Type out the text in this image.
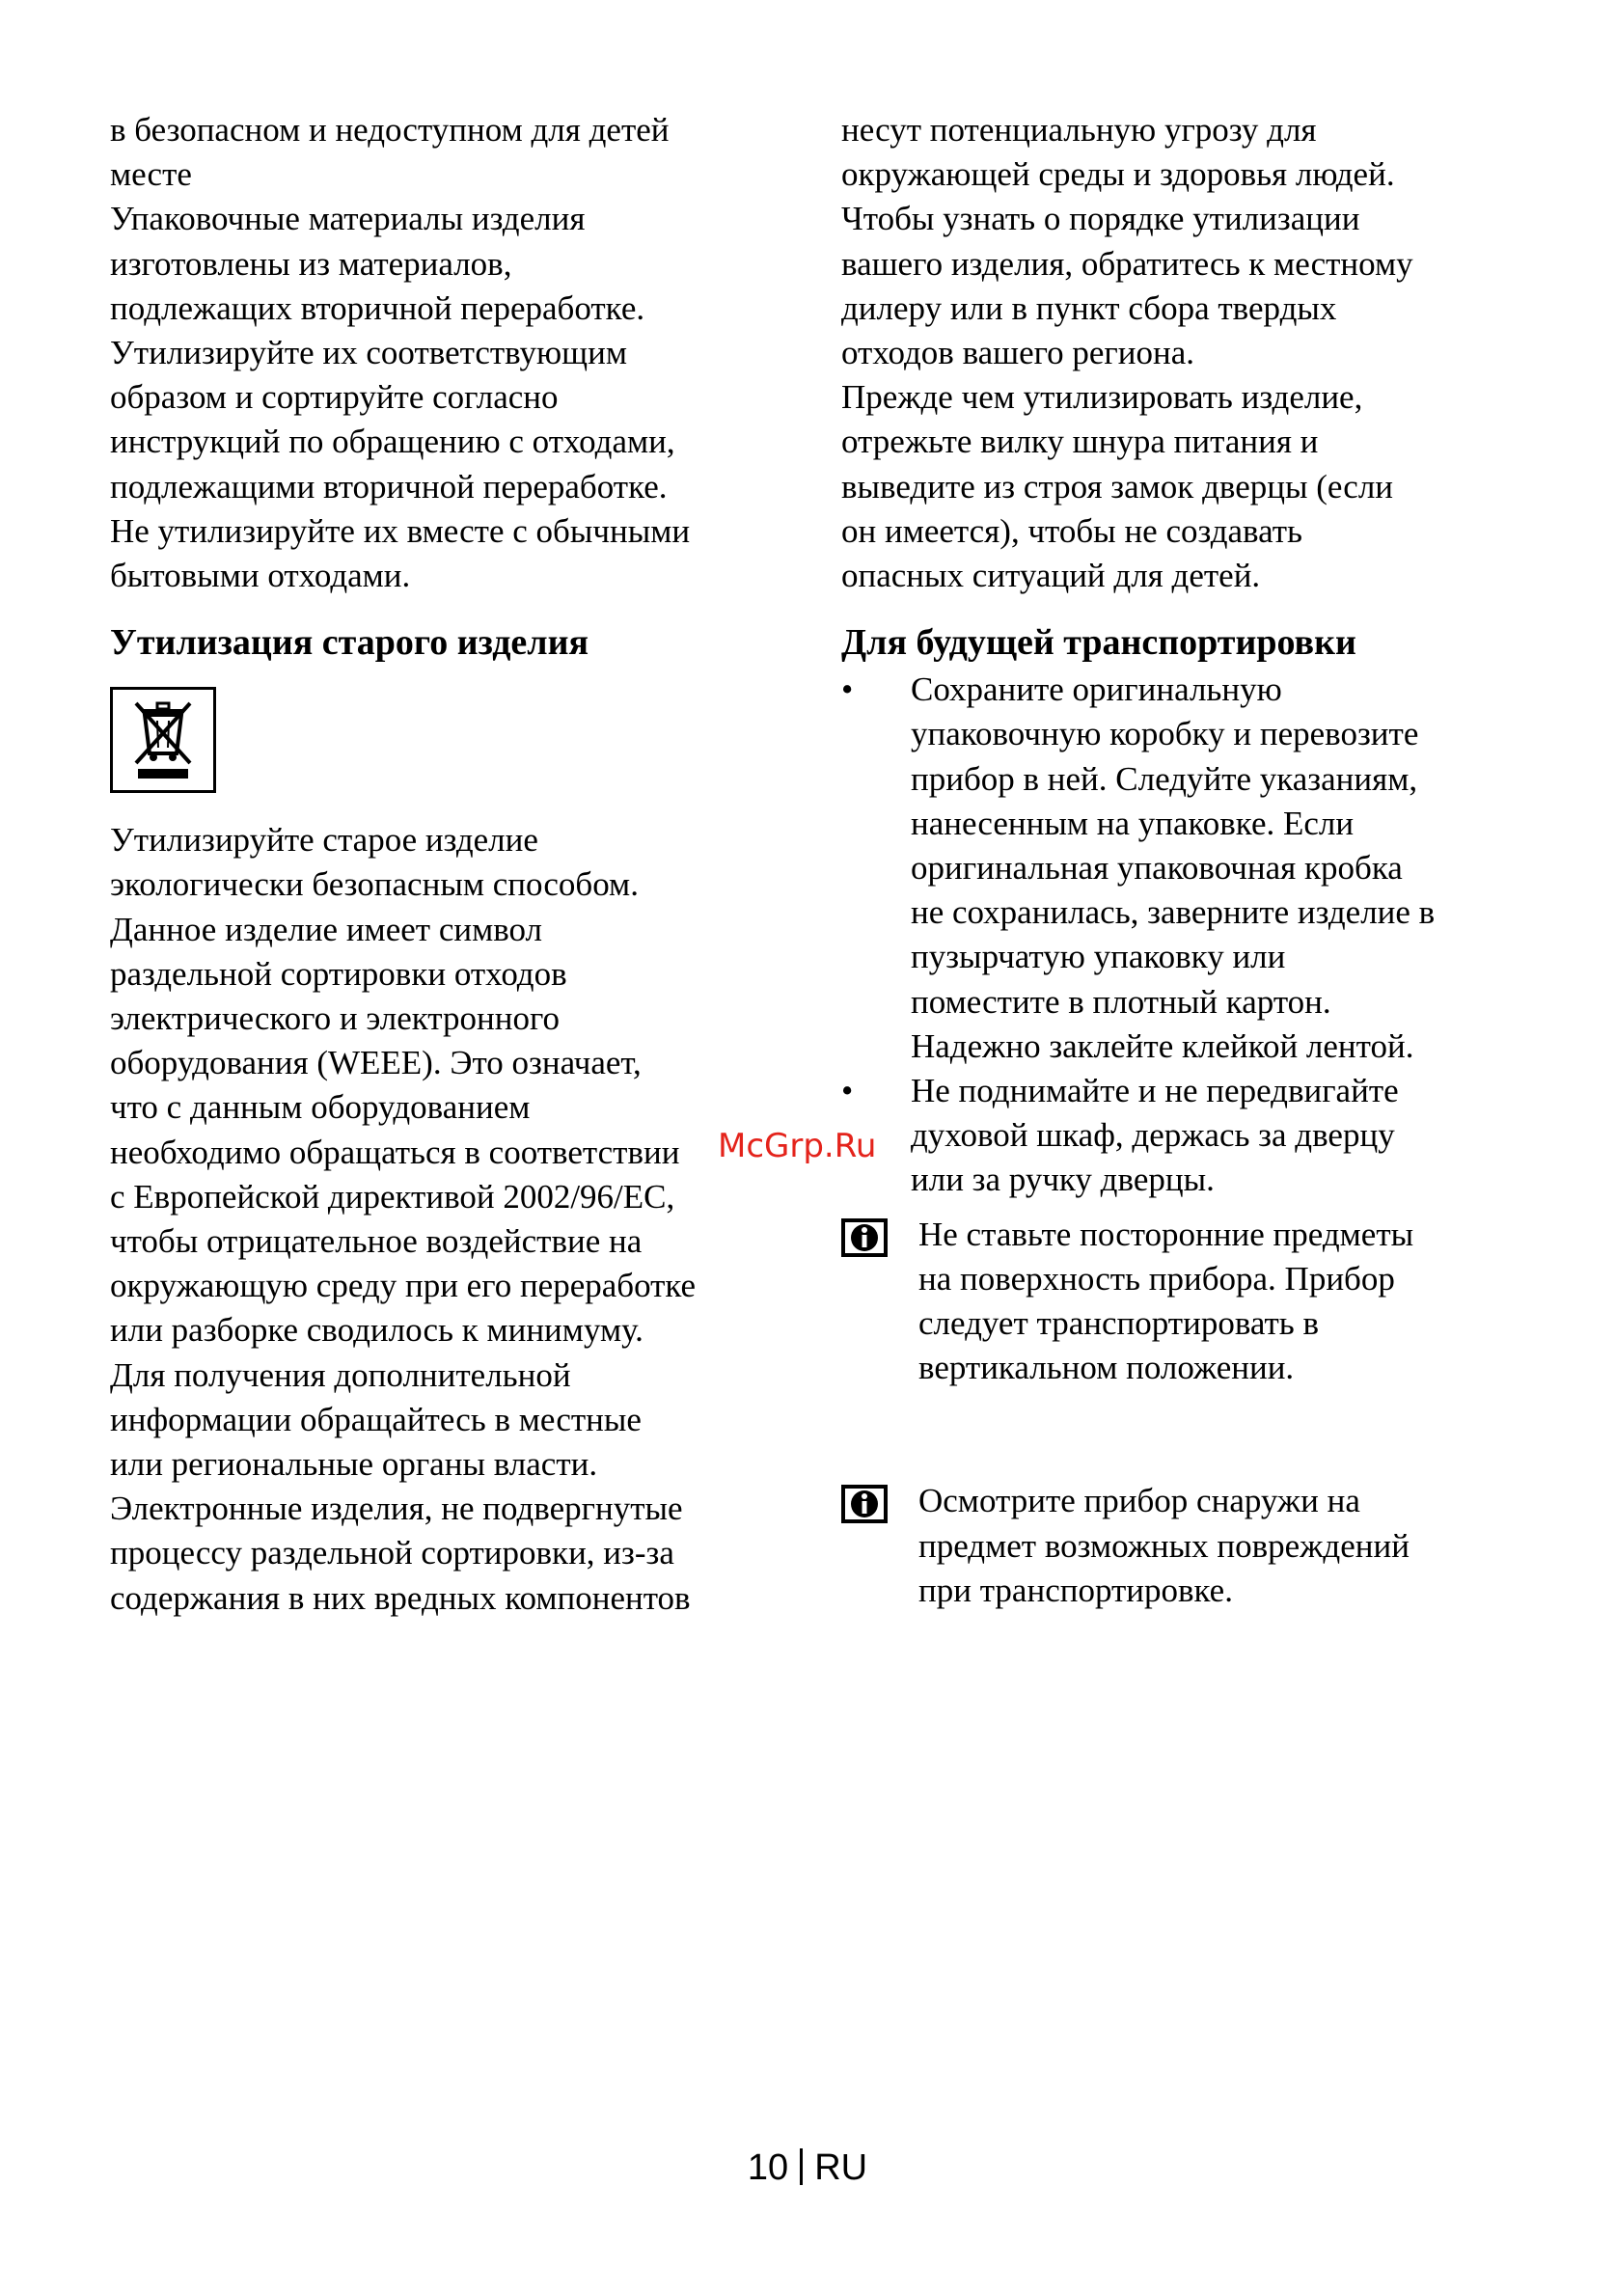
в безопасном и недоступном для детей
месте
Упаковочные материалы изделия
изготовлены из материалов,
подлежащих вторичной переработке.
Утилизируйте их соответствующим
образом и сортируйте согласно
инструкций по обращению с отходами,
подлежащими вторичной переработке.
Не утилизируйте их вместе с обычными
бытовыми отходами.
Утилизация старого изделия
Утилизируйте старое изделие
экологически безопасным способом.
Данное изделие имеет символ
раздельной сортировки отходов
электрического и электронного
оборудования (WEEE). Это означает,
что с данным оборудованием
необходимо обращаться в соответствии
с Европейской директивой 2002/96/EC,
чтобы отрицательное воздействие на
окружающую среду при его переработке
или разборке сводилось к минимуму.
Для получения дополнительной
информации обращайтесь в местные
или региональные органы власти.
Электронные изделия, не подвергнутые
процессу раздельной сортировки, из-за
содержания в них вредных компонентов
несут потенциальную угрозу для
окружающей среды и здоровья людей.
Чтобы узнать о порядке утилизации
вашего изделия, обратитесь к местному
дилеру или в пункт сбора твердых
отходов вашего региона.
Прежде чем утилизировать изделие,
отрежьте вилку шнура питания и
выведите из строя замок дверцы (если
он имеется), чтобы не создавать
опасных ситуаций для детей.
Для будущей транспортировки
•	Сохраните оригинальную
упаковочную коробку и перевозите
прибор в ней. Следуйте указаниям,
нанесенным на упаковке. Если
оригинальная упаковочная кробка
не сохранилась, заверните изделие в
пузырчатую упаковку или
поместите в плотный картон.
Надежно заклейте клейкой лентой.
•	Не поднимайте и не передвигайте
духовой шкаф, держась за дверцу
или за ручку дверцы.
Не ставьте посторонние предметы
на поверхность прибора. Прибор
следует транспортировать в
вертикальном положении.
Осмотрите прибор снаружи на
предмет возможных повреждений
при транспортировке.
McGrp.Ru
10 RU
